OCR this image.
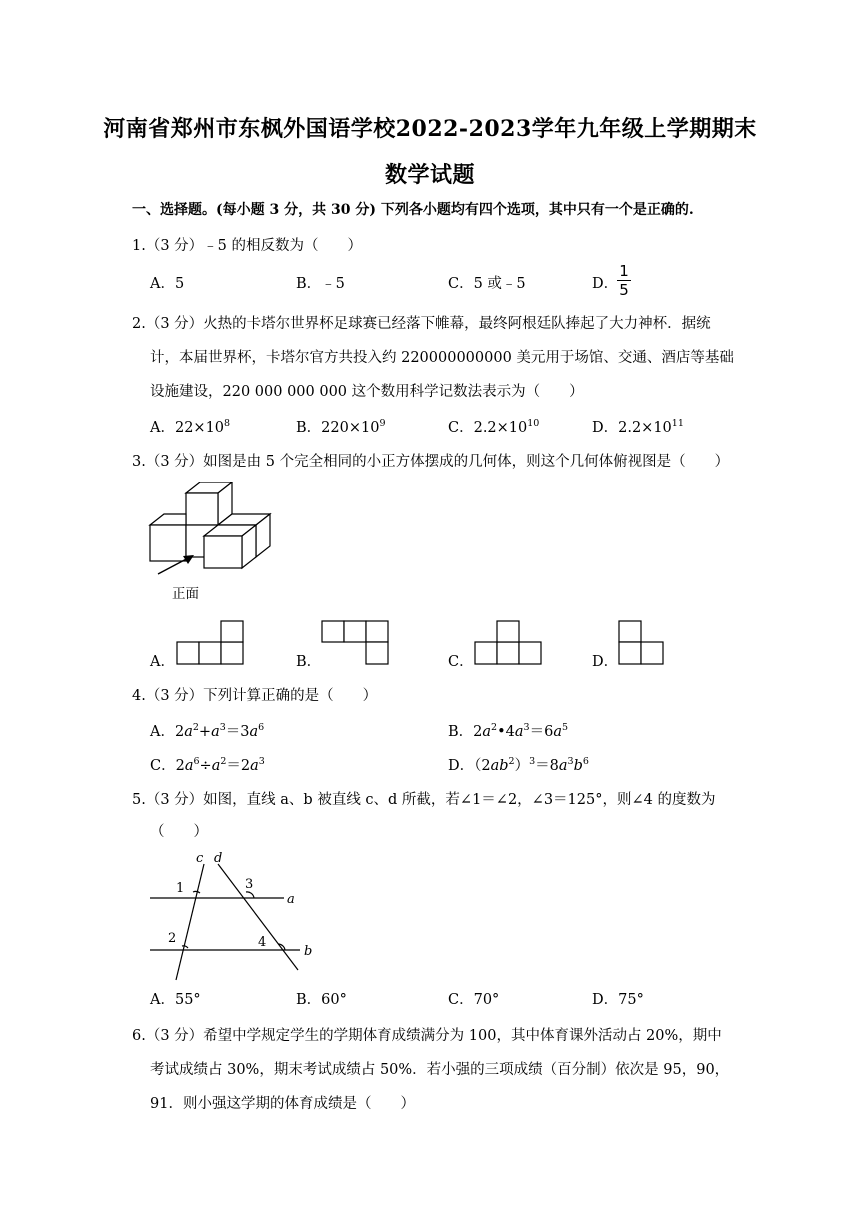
河南省郑州市东枫外国语学校2022-2023学年九年级上学期期末
数学试题
一、选择题。(每小题 3 分，共 30 分) 下列各小题均有四个选项，其中只有一个是正确的.
1.（3 分）﹣5 的相反数为（　　）
A．5	B．﹣5	C．5 或﹣5	D．
1
5
2.（3 分）火热的卡塔尔世界杯足球赛已经落下帷幕，最终阿根廷队捧起了大力神杯．据统
计，本届世界杯，卡塔尔官方共投入约 220000000000 美元用于场馆、交通、酒店等基础
设施建设，220 000 000 000 这个数用科学记数法表示为（　　）
A．$22\times 10^8$	B．$220\times 10^9$	C．$2.2\times 10^{10}$	D．$2.2\times 10^{11}$
3.（3 分）如图是由 5 个完全相同的小正方体摆成的几何体，则这个几何体俯视图是（　　）
正面
A．	B．	C．	D．
4.（3 分）下列计算正确的是（　　）
A．$2a^2+a^3=3a^6$	B．$2a^2•4a^3=6a^5$
C．$2a^6\div a^2=2a^3$	D．$(2ab^2)^3=8a^3b^6$
5.（3 分）如图，直线 a、b 被直线 c、d 所截，若∠1＝∠2，∠3＝125°，则∠4 的度数为
（　　）
c d
a
b
1
2
3
4
A．55°	B．60°	C．70°	D．75°
6.（3 分）希望中学规定学生的学期体育成绩满分为 100，其中体育课外活动占 20%，期中
考试成绩占 30%，期末考试成绩占 50%．若小强的三项成绩（百分制）依次是 95，90，
91．则小强这学期的体育成绩是（　　）
